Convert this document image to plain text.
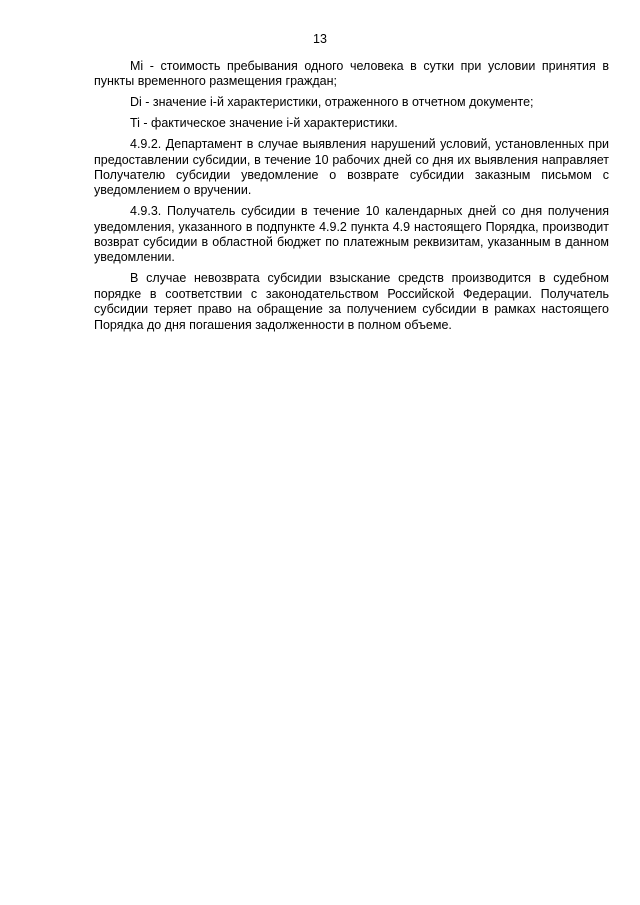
13

Mi - стоимость пребывания одного человека в сутки при условии принятия в пункты временного размещения граждан;

Di - значение i-й характеристики, отраженного в отчетном документе;

Ti - фактическое значение i-й характеристики.

4.9.2. Департамент в случае выявления нарушений условий, установленных при предоставлении субсидии, в течение 10 рабочих дней со дня их выявления направляет Получателю субсидии уведомление о возврате субсидии заказным письмом с уведомлением о вручении.

4.9.3. Получатель субсидии в течение 10 календарных дней со дня получения уведомления, указанного в подпункте 4.9.2 пункта 4.9 настоящего Порядка, производит возврат субсидии в областной бюджет по платежным реквизитам, указанным в данном уведомлении.

В случае невозврата субсидии взыскание средств производится в судебном порядке в соответствии с законодательством Российской Федерации. Получатель субсидии теряет право на обращение за получением субсидии в рамках настоящего Порядка до дня погашения задолженности в полном объеме.
